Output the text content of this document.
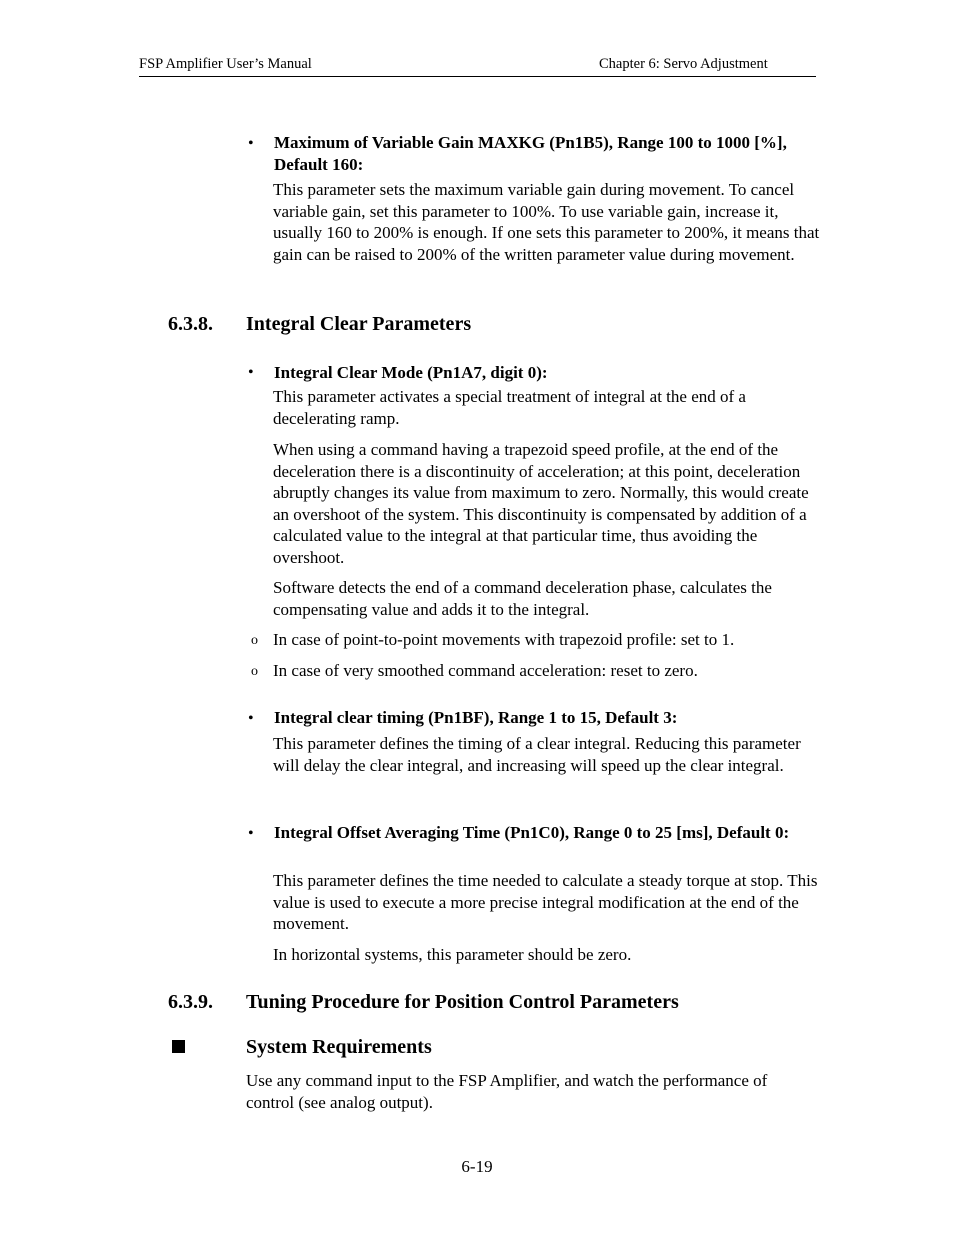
FSP Amplifier User’s Manual	Chapter 6: Servo Adjustment
• Maximum of Variable Gain MAXKG (Pn1B5), Range 100 to 1000 [%], Default 160:
This parameter sets the maximum variable gain during movement. To cancel variable gain, set this parameter to 100%. To use variable gain, increase it, usually 160 to 200% is enough. If one sets this parameter to 200%, it means that gain can be raised to 200% of the written parameter value during movement.
6.3.8. Integral Clear Parameters
• Integral Clear Mode (Pn1A7, digit 0):
This parameter activates a special treatment of integral at the end of a decelerating ramp.
When using a command having a trapezoid speed profile, at the end of the deceleration there is a discontinuity of acceleration; at this point, deceleration abruptly changes its value from maximum to zero. Normally, this would create an overshoot of the system. This discontinuity is compensated by addition of a calculated value to the integral at that particular time, thus avoiding the overshoot.
Software detects the end of a command deceleration phase, calculates the compensating value and adds it to the integral.
o In case of point-to-point movements with trapezoid profile: set to 1.
o In case of very smoothed command acceleration: reset to zero.
• Integral clear timing (Pn1BF), Range 1 to 15, Default 3:
This parameter defines the timing of a clear integral. Reducing this parameter will delay the clear integral, and increasing will speed up the clear integral.
• Integral Offset Averaging Time (Pn1C0), Range 0 to 25 [ms], Default 0:
This parameter defines the time needed to calculate a steady torque at stop. This value is used to execute a more precise integral modification at the end of the movement.
In horizontal systems, this parameter should be zero.
6.3.9. Tuning Procedure for Position Control Parameters
System Requirements
Use any command input to the FSP Amplifier, and watch the performance of control (see analog output).
6-19
